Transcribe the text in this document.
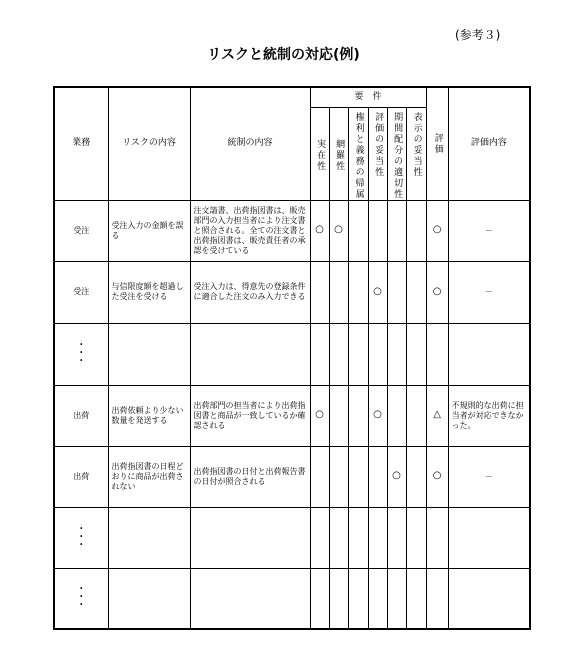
(参考３)
リスクと統制の対応(例)
業務	リスクの内容	統制の内容	要　件						評価	評価内容

			実在性	網羅性	権利と義務の帰属	評価の妥当性	期間配分の適切性	表示の妥当性		

受注	受注入力の金額を誤る	注文請書、出荷指図書は、販売部門の入力担当者により注文書と照合される。全ての注文書と出荷指図書は、販売責任者の承認を受けている	○	○					○	－
受注	与信限度額を超過した受注を受ける	受注入力は、得意先の登録条件に適合した注文のみ入力できる				○			○	－
・
・
・										
出荷	出荷依頼より少ない数量を発送する	出荷部門の担当者により出荷指図書と商品が一致しているか確認される	○			○			△	不規則的な出荷に担当者が対応できなかった。
出荷	出荷指図書の日程どおりに商品が出荷されない	出荷指図書の日付と出荷報告書の日付が照合される					○		○	－
・
・
・										
・
・
・										
